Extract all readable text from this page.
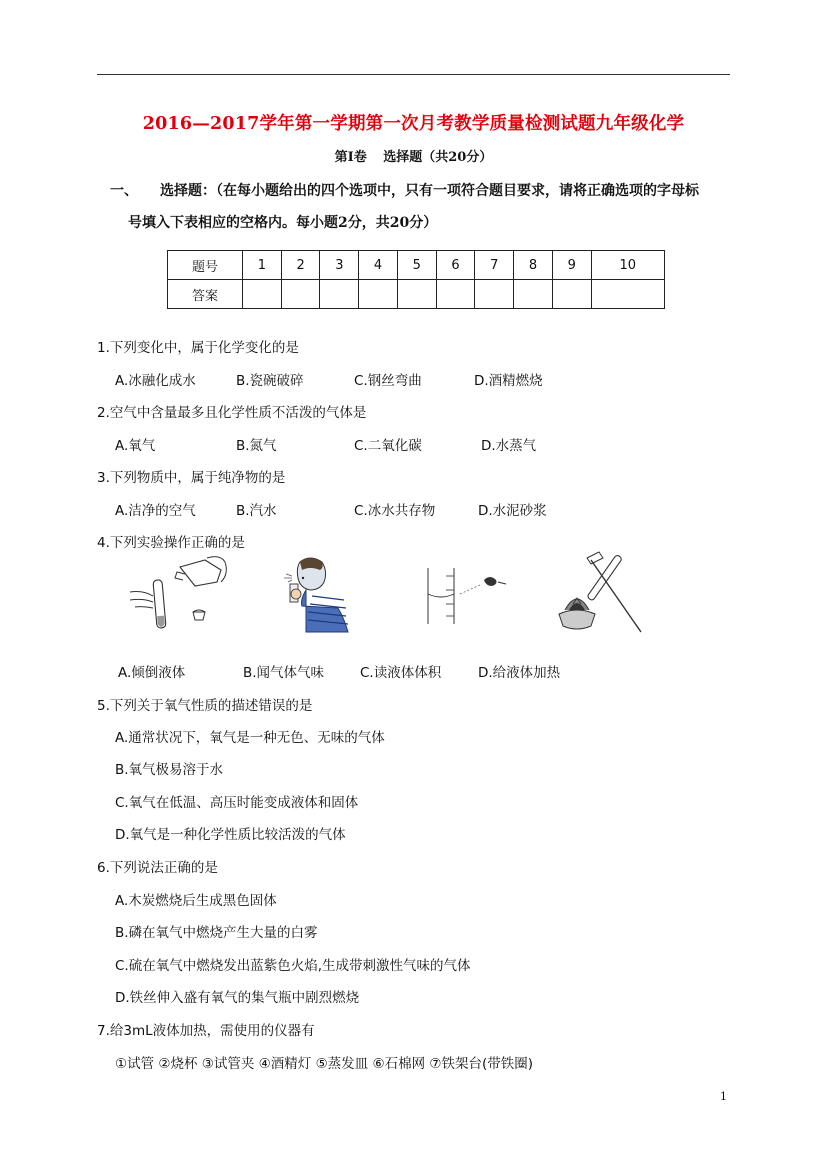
2016—2017学年第一学期第一次月考教学质量检测试题九年级化学
第Ⅰ卷 选择题（共20分）
一、 选择题：（在每小题给出的四个选项中，只有一项符合题目要求，请将正确选项的字母标
号填入下表相应的空格内。每小题2分，共20分）
题号	1	2	3	4	5	6	7	8	9	10
答案										
1.下列变化中，属于化学变化的是
A.冰融化成水	B.瓷碗破碎	C.钢丝弯曲	D.酒精燃烧
2.空气中含量最多且化学性质不活泼的气体是
A.氧气	B.氮气	C.二氧化碳	D.水蒸气
3.下列物质中，属于纯净物的是
A.洁净的空气	B.汽水	C.冰水共存物	D.水泥砂浆
4.下列实验操作正确的是
A.倾倒液体	B.闻气体气味	C.读液体体积	D.给液体加热
5.下列关于氧气性质的描述错误的是
A.通常状况下，氧气是一种无色、无味的气体
B.氧气极易溶于水
C.氧气在低温、高压时能变成液体和固体
D.氧气是一种化学性质比较活泼的气体
6.下列说法正确的是
A.木炭燃烧后生成黑色固体
B.磷在氧气中燃烧产生大量的白雾
C.硫在氧气中燃烧发出蓝紫色火焰,生成带刺激性气味的气体
D.铁丝伸入盛有氧气的集气瓶中剧烈燃烧
7.给3mL液体加热，需使用的仪器有
①试管 ②烧杯 ③试管夹 ④酒精灯 ⑤蒸发皿 ⑥石棉网 ⑦铁架台(带铁圈)
1
